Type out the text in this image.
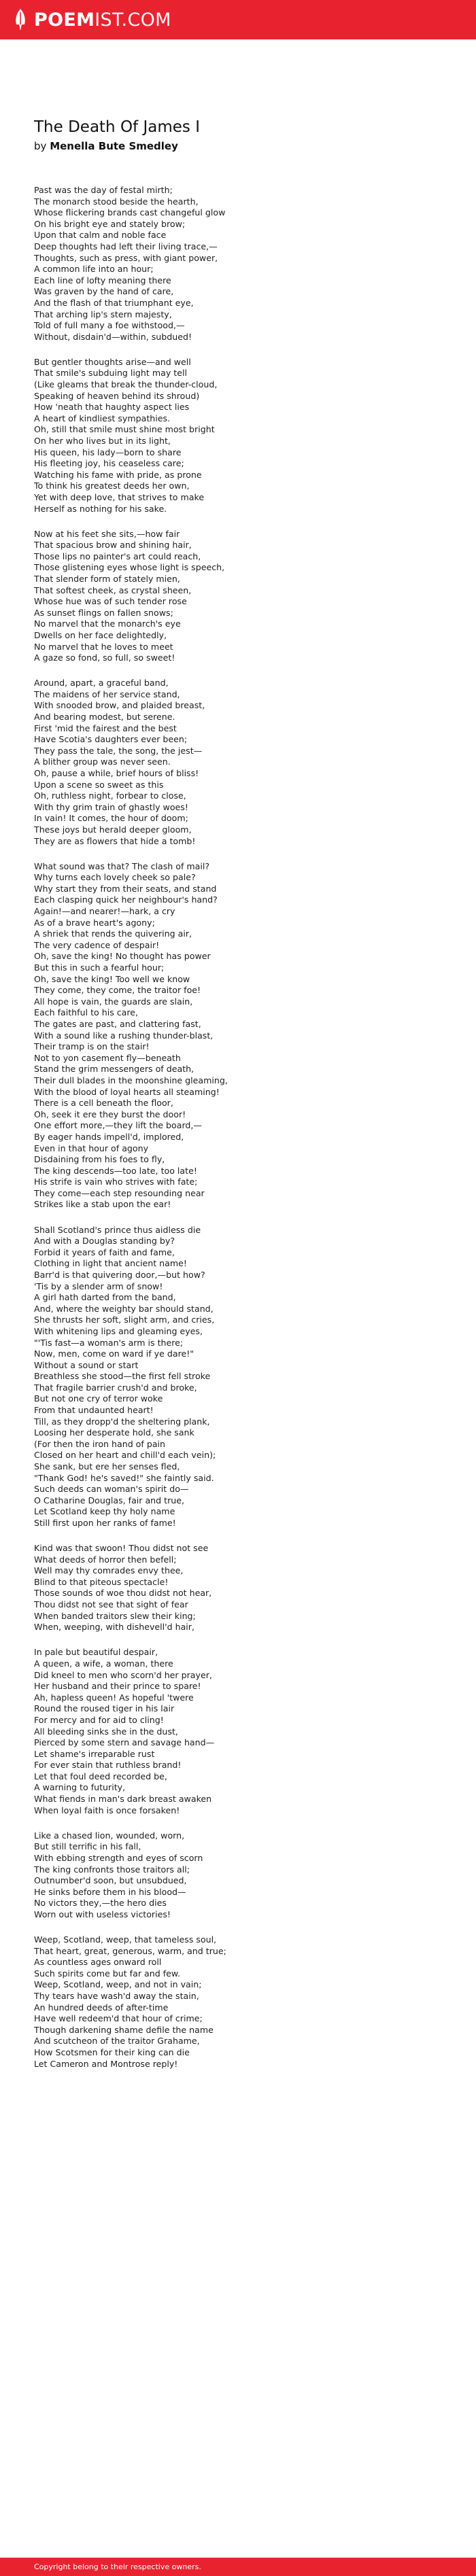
POEMIST.COM
The Death Of James I
by Menella Bute Smedley
Past was the day of festal mirth;
The monarch stood beside the hearth,
Whose flickering brands cast changeful glow
On his bright eye and stately brow;
Upon that calm and noble face
Deep thoughts had left their living trace,—
Thoughts, such as press, with giant power,
A common life into an hour;
Each line of lofty meaning there
Was graven by the hand of care,
And the flash of that triumphant eye,
That arching lip's stern majesty,
Told of full many a foe withstood,—
Without, disdain'd—within, subdued!
But gentler thoughts arise—and well
That smile's subduing light may tell
(Like gleams that break the thunder-cloud,
Speaking of heaven behind its shroud)
How 'neath that haughty aspect lies
A heart of kindliest sympathies.
Oh, still that smile must shine most bright
On her who lives but in its light,
His queen, his lady—born to share
His fleeting joy, his ceaseless care;
Watching his fame with pride, as prone
To think his greatest deeds her own,
Yet with deep love, that strives to make
Herself as nothing for his sake.
Now at his feet she sits,—how fair
That spacious brow and shining hair,
Those lips no painter's art could reach,
Those glistening eyes whose light is speech,
That slender form of stately mien,
That softest cheek, as crystal sheen,
Whose hue was of such tender rose
As sunset flings on fallen snows;
No marvel that the monarch's eye
Dwells on her face delightedly,
No marvel that he loves to meet
A gaze so fond, so full, so sweet!
Around, apart, a graceful band,
The maidens of her service stand,
With snooded brow, and plaided breast,
And bearing modest, but serene.
First 'mid the fairest and the best
Have Scotia's daughters ever been;
They pass the tale, the song, the jest—
A blither group was never seen.
Oh, pause a while, brief hours of bliss!
Upon a scene so sweet as this
Oh, ruthless night, forbear to close,
With thy grim train of ghastly woes!
In vain! It comes, the hour of doom;
These joys but herald deeper gloom,
They are as flowers that hide a tomb!
What sound was that? The clash of mail?
Why turns each lovely cheek so pale?
Why start they from their seats, and stand
Each clasping quick her neighbour's hand?
Again!—and nearer!—hark, a cry
As of a brave heart's agony;
A shriek that rends the quivering air,
The very cadence of despair!
Oh, save the king! No thought has power
But this in such a fearful hour;
Oh, save the king! Too well we know
They come, they come, the traitor foe!
All hope is vain, the guards are slain,
Each faithful to his care,
The gates are past, and clattering fast,
With a sound like a rushing thunder-blast,
Their tramp is on the stair!
Not to yon casement fly—beneath
Stand the grim messengers of death,
Their dull blades in the moonshine gleaming,
With the blood of loyal hearts all steaming!
There is a cell beneath the floor,
Oh, seek it ere they burst the door!
One effort more,—they lift the board,—
By eager hands impell'd, implored,
Even in that hour of agony
Disdaining from his foes to fly,
The king descends—too late, too late!
His strife is vain who strives with fate;
They come—each step resounding near
Strikes like a stab upon the ear!
Shall Scotland's prince thus aidless die
And with a Douglas standing by?
Forbid it years of faith and fame,
Clothing in light that ancient name!
Barr'd is that quivering door,—but how?
'Tis by a slender arm of snow!
A girl hath darted from the band,
And, where the weighty bar should stand,
She thrusts her soft, slight arm, and cries,
With whitening lips and gleaming eyes,
"'Tis fast—a woman's arm is there;
Now, men, come on ward if ye dare!"
Without a sound or start
Breathless she stood—the first fell stroke
That fragile barrier crush'd and broke,
But not one cry of terror woke
From that undaunted heart!
Till, as they dropp'd the sheltering plank,
Loosing her desperate hold, she sank
(For then the iron hand of pain
Closed on her heart and chill'd each vein);
She sank, but ere her senses fled,
"Thank God! he's saved!" she faintly said.
Such deeds can woman's spirit do—
O Catharine Douglas, fair and true,
Let Scotland keep thy holy name
Still first upon her ranks of fame!
Kind was that swoon! Thou didst not see
What deeds of horror then befell;
Well may thy comrades envy thee,
Blind to that piteous spectacle!
Those sounds of woe thou didst not hear,
Thou didst not see that sight of fear
When banded traitors slew their king;
When, weeping, with dishevell'd hair,
In pale but beautiful despair,
A queen, a wife, a woman, there
Did kneel to men who scorn'd her prayer,
Her husband and their prince to spare!
Ah, hapless queen! As hopeful 'twere
Round the roused tiger in his lair
For mercy and for aid to cling!
All bleeding sinks she in the dust,
Pierced by some stern and savage hand—
Let shame's irreparable rust
For ever stain that ruthless brand!
Let that foul deed recorded be,
A warning to futurity,
What fiends in man's dark breast awaken
When loyal faith is once forsaken!
Like a chased lion, wounded, worn,
But still terrific in his fall,
With ebbing strength and eyes of scorn
The king confronts those traitors all;
Outnumber'd soon, but unsubdued,
He sinks before them in his blood—
No victors they,—the hero dies
Worn out with useless victories!
Weep, Scotland, weep, that tameless soul,
That heart, great, generous, warm, and true;
As countless ages onward roll
Such spirits come but far and few.
Weep, Scotland, weep, and not in vain;
Thy tears have wash'd away the stain,
An hundred deeds of after-time
Have well redeem'd that hour of crime;
Though darkening shame defile the name
And scutcheon of the traitor Grahame,
How Scotsmen for their king can die
Let Cameron and Montrose reply!
Copyright belong to their respective owners.
